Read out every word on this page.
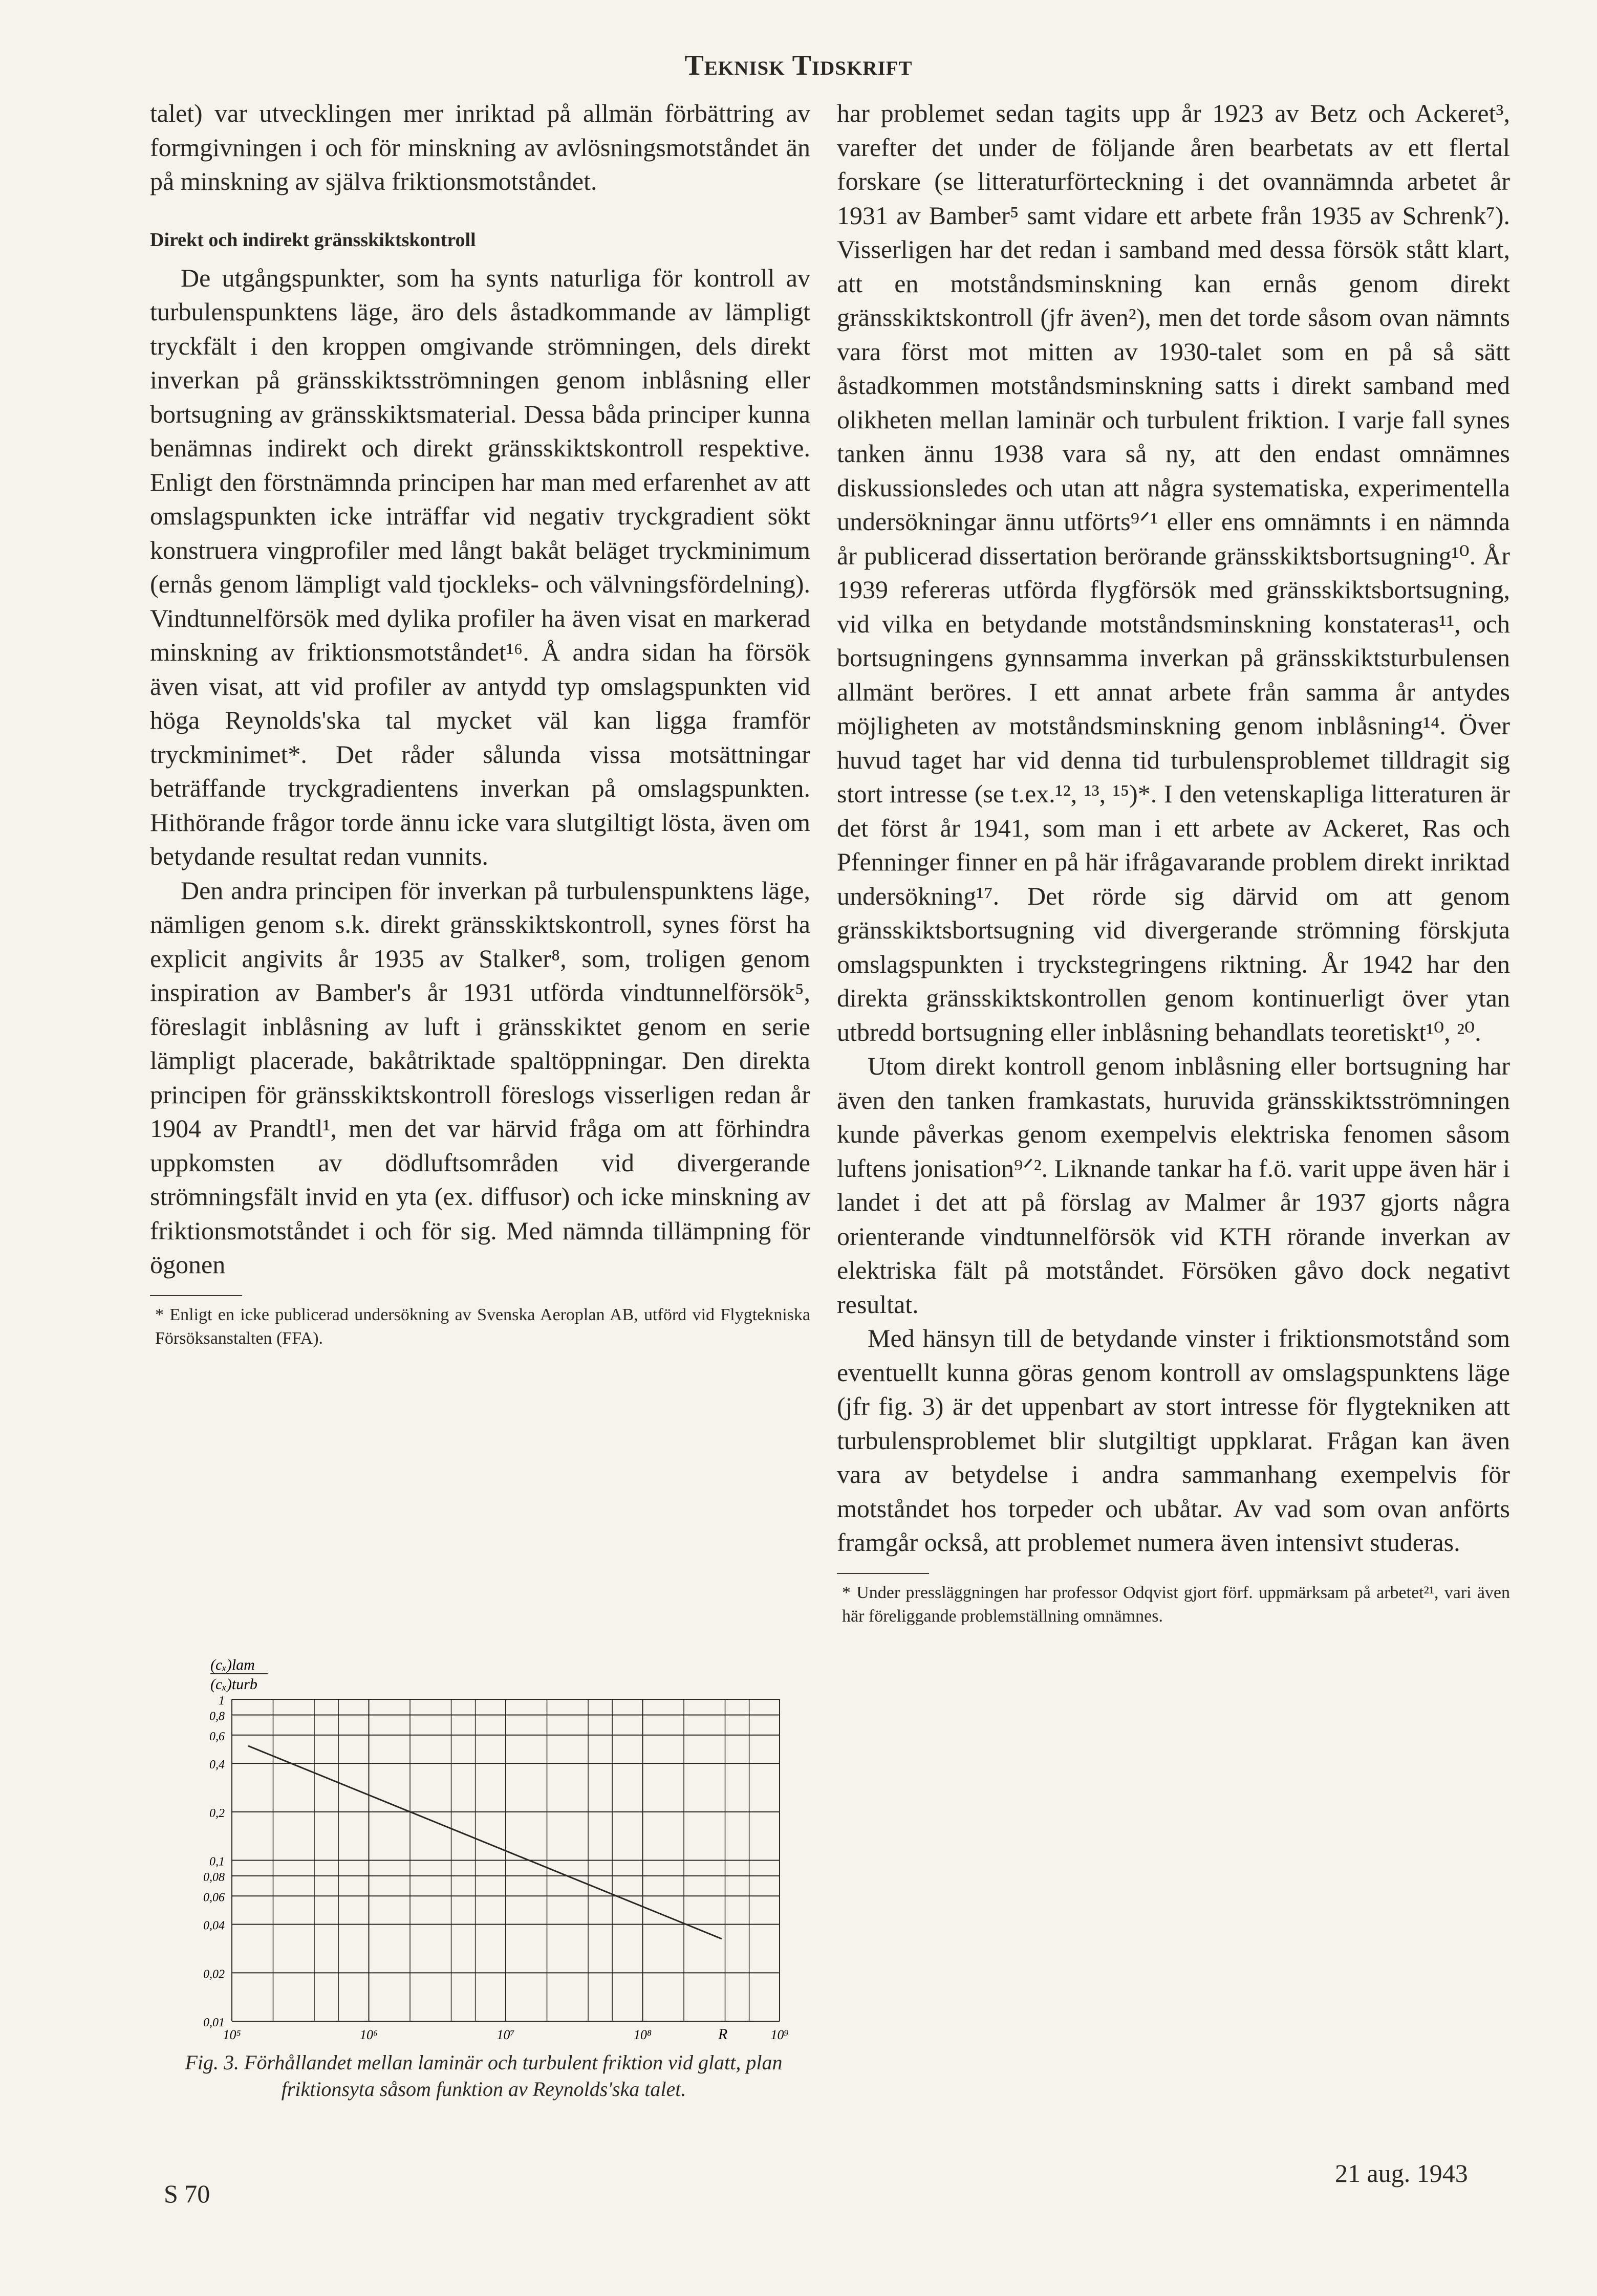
Teknisk Tidskrift

talet) var utvecklingen mer inriktad på allmän förbättring av formgivningen i och för minskning av avlösningsmotståndet än på minskning av själva friktionsmotståndet.

Direkt och indirekt gränsskiktskontroll

De utgångspunkter, som ha synts naturliga för kontroll av turbulenspunktens läge, äro dels åstadkommande av lämpligt tryckfält i den kroppen omgivande strömningen, dels direkt inverkan på gränsskiktsströmningen genom inblåsning eller bortsugning av gränsskiktsmaterial. Dessa båda principer kunna benämnas indirekt och direkt gränsskiktskontroll respektive. Enligt den förstnämnda principen har man med erfarenhet av att omslagspunkten icke inträffar vid negativ tryckgradient sökt konstruera vingprofiler med långt bakåt beläget tryckminimum (ernås genom lämpligt vald tjockleks- och välvningsfördelning). Vindtunnelförsök med dylika profiler ha även visat en markerad minskning av friktionsmotståndet¹⁶. Å andra sidan ha försök även visat, att vid profiler av antydd typ omslagspunkten vid höga Reynolds'ska tal mycket väl kan ligga framför tryckminimet*. Det råder sålunda vissa motsättningar beträffande tryckgradientens inverkan på omslagspunkten. Hithörande frågor torde ännu icke vara slutgiltigt lösta, även om betydande resultat redan vunnits.

Den andra principen för inverkan på turbulenspunktens läge, nämligen genom s.k. direkt gränsskiktskontroll, synes först ha explicit angivits år 1935 av Stalker⁸, som, troligen genom inspiration av Bamber's år 1931 utförda vindtunnelförsök⁵, föreslagit inblåsning av luft i gränsskiktet genom en serie lämpligt placerade, bakåtriktade spaltöppningar. Den direkta principen för gränsskiktskontroll föreslogs visserligen redan år 1904 av Prandtl¹, men det var härvid fråga om att förhindra uppkomsten av dödluftsområden vid divergerande strömningsfält invid en yta (ex. diffusor) och icke minskning av friktionsmotståndet i och för sig. Med nämnda tillämpning för ögonen

* Enligt en icke publicerad undersökning av Svenska Aeroplan AB, utförd vid Flygtekniska Försöksanstalten (FFA).

har problemet sedan tagits upp år 1923 av Betz och Ackeret³, varefter det under de följande åren bearbetats av ett flertal forskare (se litteraturförteckning i det ovannämnda arbetet år 1931 av Bamber⁵ samt vidare ett arbete från 1935 av Schrenk⁷). Visserligen har det redan i samband med dessa försök stått klart, att en motståndsminskning kan ernås genom direkt gränsskiktskontroll (jfr även²), men det torde såsom ovan nämnts vara först mot mitten av 1930-talet som en på så sätt åstadkommen motståndsminskning satts i direkt samband med olikheten mellan laminär och turbulent friktion. I varje fall synes tanken ännu 1938 vara så ny, att den endast omnämnes diskussionsledes och utan att några systematiska, experimentella undersökningar ännu utförts⁹ᐟ¹ eller ens omnämnts i en nämnda år publicerad dissertation berörande gränsskiktsbortsugning¹⁰. År 1939 refereras utförda flygförsök med gränsskiktsbortsugning, vid vilka en betydande motståndsminskning konstateras¹¹, och bortsugningens gynnsamma inverkan på gränsskiktsturbulensen allmänt beröres. I ett annat arbete från samma år antydes möjligheten av motståndsminskning genom inblåsning¹⁴. Över huvud taget har vid denna tid turbulensproblemet tilldragit sig stort intresse (se t.ex.¹², ¹³, ¹⁵)*. I den vetenskapliga litteraturen är det först år 1941, som man i ett arbete av Ackeret, Ras och Pfenninger finner en på här ifrågavarande problem direkt inriktad undersökning¹⁷. Det rörde sig därvid om att genom gränsskiktsbortsugning vid divergerande strömning förskjuta omslagspunkten i tryckstegringens riktning. År 1942 har den direkta gränsskiktskontrollen genom kontinuerligt över ytan utbredd bortsugning eller inblåsning behandlats teoretiskt¹⁰, ²⁰.

Utom direkt kontroll genom inblåsning eller bortsugning har även den tanken framkastats, huruvida gränsskiktsströmningen kunde påverkas genom exempelvis elektriska fenomen såsom luftens jonisation⁹ᐟ². Liknande tankar ha f.ö. varit uppe även här i landet i det att på förslag av Malmer år 1937 gjorts några orienterande vindtunnelförsök vid KTH rörande inverkan av elektriska fält på motståndet. Försöken gåvo dock negativt resultat.

Med hänsyn till de betydande vinster i friktionsmotstånd som eventuellt kunna göras genom kontroll av omslagspunktens läge (jfr fig. 3) är det uppenbart av stort intresse för flygtekniken att turbulensproblemet blir slutgiltigt uppklarat. Frågan kan även vara av betydelse i andra sammanhang exempelvis för motståndet hos torpeder och ubåtar. Av vad som ovan anförts framgår också, att problemet numera även intensivt studeras.

* Under pressläggningen har professor Odqvist gjort förf. uppmärksam på arbetet²¹, vari även här föreliggande problemställning omnämnes.
(cₓ)lam
(cₓ)turb
1
0,8
0,6
0,4
0,2
0,1
0,08
0,06
0,04
0,02
0,01
10⁵	10⁶	10⁷	10⁸	10⁹
R
Fig. 3. Förhållandet mellan laminär och turbulent friktion vid glatt, plan friktionsyta såsom funktion av Reynolds'ska talet.
S 70
21 aug. 1943
